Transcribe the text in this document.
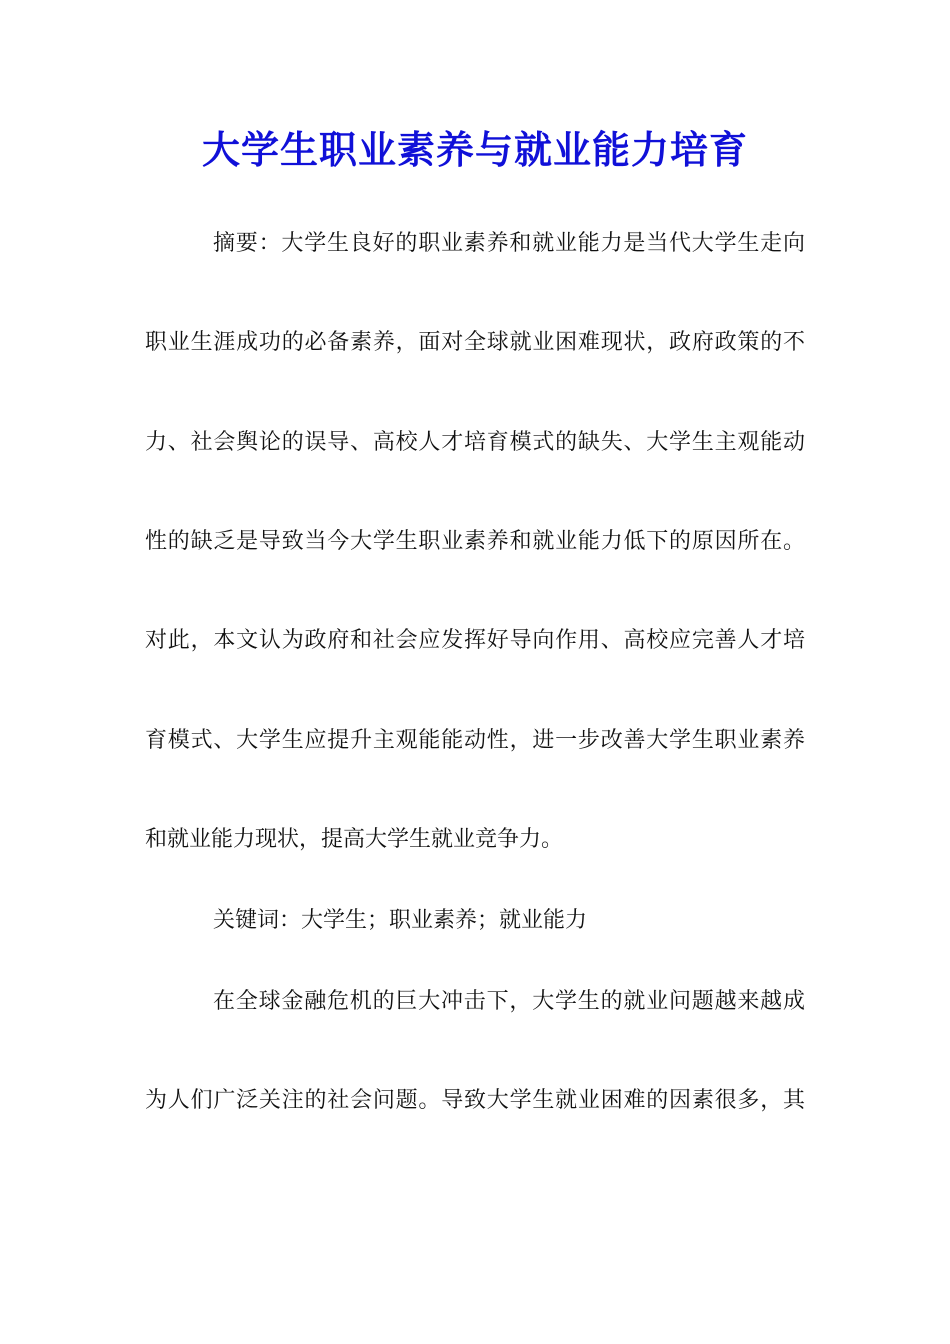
大学生职业素养与就业能力培育
摘要：大学生良好的职业素养和就业能力是当代大学生走向
职业生涯成功的必备素养，面对全球就业困难现状，政府政策的不
力、社会舆论的误导、高校人才培育模式的缺失、大学生主观能动
性的缺乏是导致当今大学生职业素养和就业能力低下的原因所在。
对此，本文认为政府和社会应发挥好导向作用、高校应完善人才培
育模式、大学生应提升主观能能动性，进一步改善大学生职业素养
和就业能力现状，提高大学生就业竞争力。
关键词：大学生；职业素养；就业能力
在全球金融危机的巨大冲击下，大学生的就业问题越来越成
为人们广泛关注的社会问题。导致大学生就业困难的因素很多，其
